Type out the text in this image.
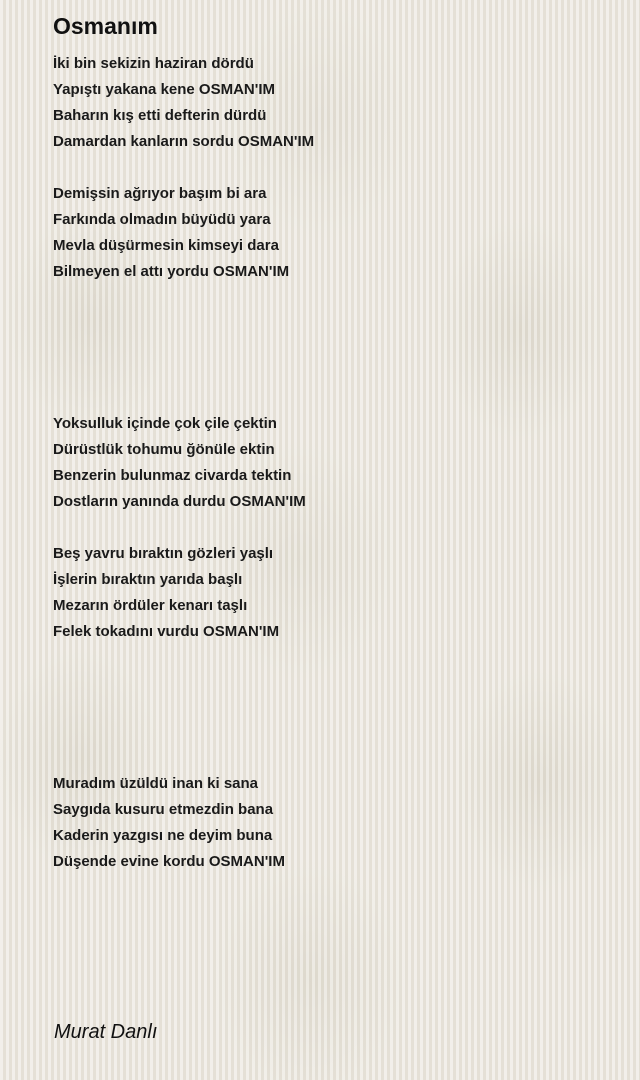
Osmanım
İki bin sekizin haziran dördü
Yapıştı yakana kene OSMAN'IM
Baharın kış etti defterin dürdü
Damardan kanların sordu OSMAN'IM
Demişsin ağrıyor başım bi ara
Farkında olmadın büyüdü yara
Mevla düşürmesin kimseyi dara
Bilmeyen el attı yordu OSMAN'IM
Yoksulluk içinde çok çile çektin
Dürüstlük tohumu ğönüle ektin
Benzerin bulunmaz civarda tektin
Dostların yanında durdu OSMAN'IM
Beş yavru bıraktın gözleri yaşlı
İşlerin bıraktın yarıda başlı
Mezarın ördüler kenarı taşlı
Felek tokadını vurdu OSMAN'IM
Muradım üzüldü inan ki sana
Saygıda kusuru etmezdin bana
Kaderin yazgısı ne deyim buna
Düşende evine kordu OSMAN'IM

Murat Danlı
